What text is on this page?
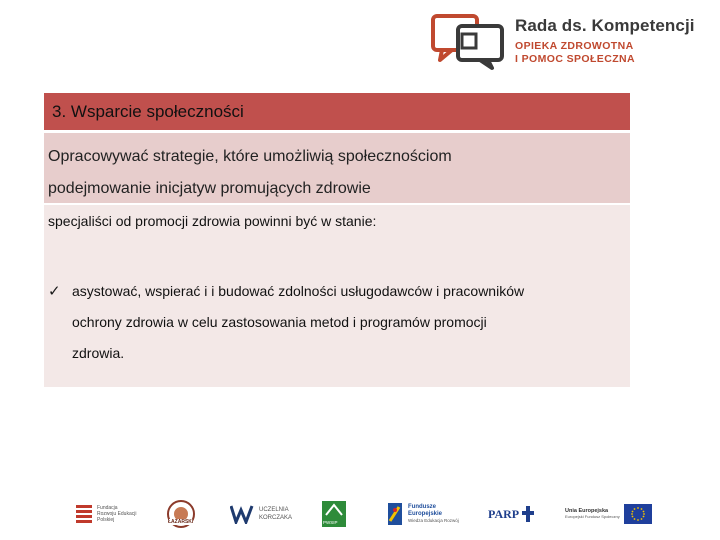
Rada ds. Kompetencji
OPIEKA ZDROWOTNA
I POMOC SPOŁECZNA
3. Wsparcie społeczności

Opracowywać strategie, które umożliwią społecznościom

podejmowanie inicjatyw promujących zdrowie

specjaliści od promocji zdrowia powinni być w stanie:
✓ asystować, wspierać i i budować zdolności usługodawców i pracowników
ochrony zdrowia w celu zastosowania metod i programów promocji
zdrowia.
Fundacja
Rozwoju Edukacji
Polskiej	ŁAZARSKI
UCZELNIA
KORCZAKA
PWSIP
Fundusze
Europejskie
Wiedza Edukacja Rozwój PARP	Unia Europejska
Europejski Fundusz Społeczny
